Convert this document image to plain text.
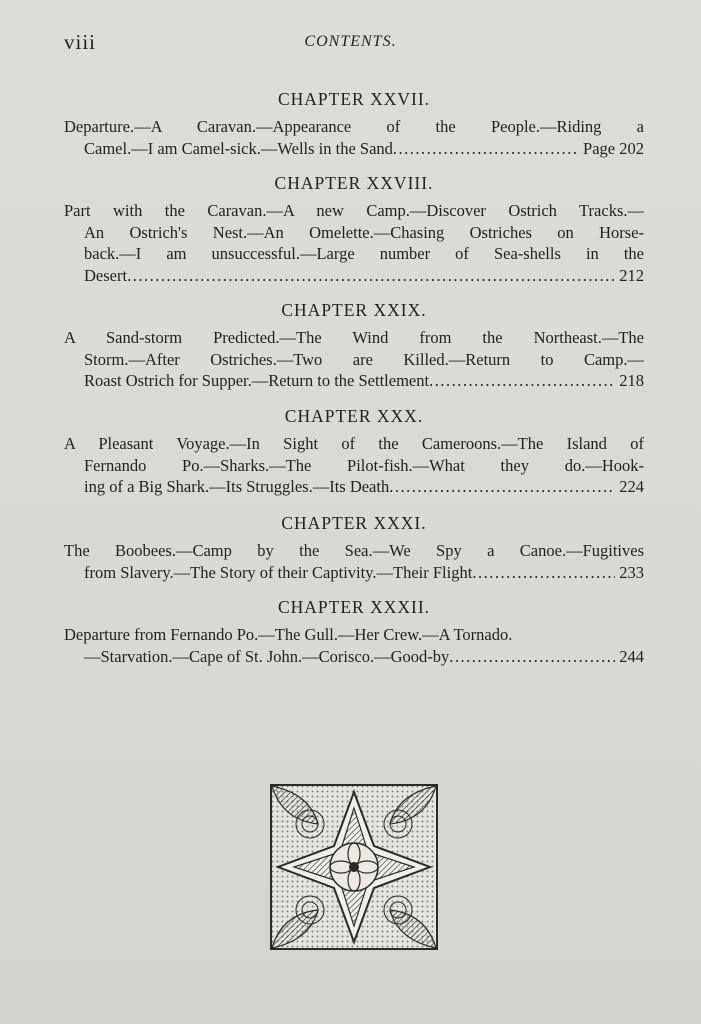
viii	CONTENTS.
CHAPTER XXVII.
Departure.—A Caravan.—Appearance of the People.—Riding a
Camel.—I am Camel-sick.—Wells in the Sand .....	Page 202
CHAPTER XXVIII.
Part with the Caravan.—A new Camp.—Discover Ostrich Tracks.—
An Ostrich's Nest.—An Omelette.—Chasing Ostriches on Horse-
back.—I am unsuccessful.—Large number of Sea-shells in the
Desert .....	212
CHAPTER XXIX.
A Sand-storm Predicted.—The Wind from the Northeast.—The
Storm.—After Ostriches.—Two are Killed.—Return to Camp.—
Roast Ostrich for Supper.—Return to the Settlement .....	218
CHAPTER XXX.
A Pleasant Voyage.—In Sight of the Cameroons.—The Island of
Fernando Po.—Sharks.—The Pilot-fish.—What they do.—Hook-
ing of a Big Shark.—Its Struggles.—Its Death .....	224
CHAPTER XXXI.
The Boobees.—Camp by the Sea.—We Spy a Canoe.—Fugitives
from Slavery.—The Story of their Captivity.—Their Flight .....	233
CHAPTER XXXII.
Departure from Fernando Po.—The Gull.—Her Crew.—A Tornado.
—Starvation.—Cape of St. John.—Corisco.—Good-by .....	244
